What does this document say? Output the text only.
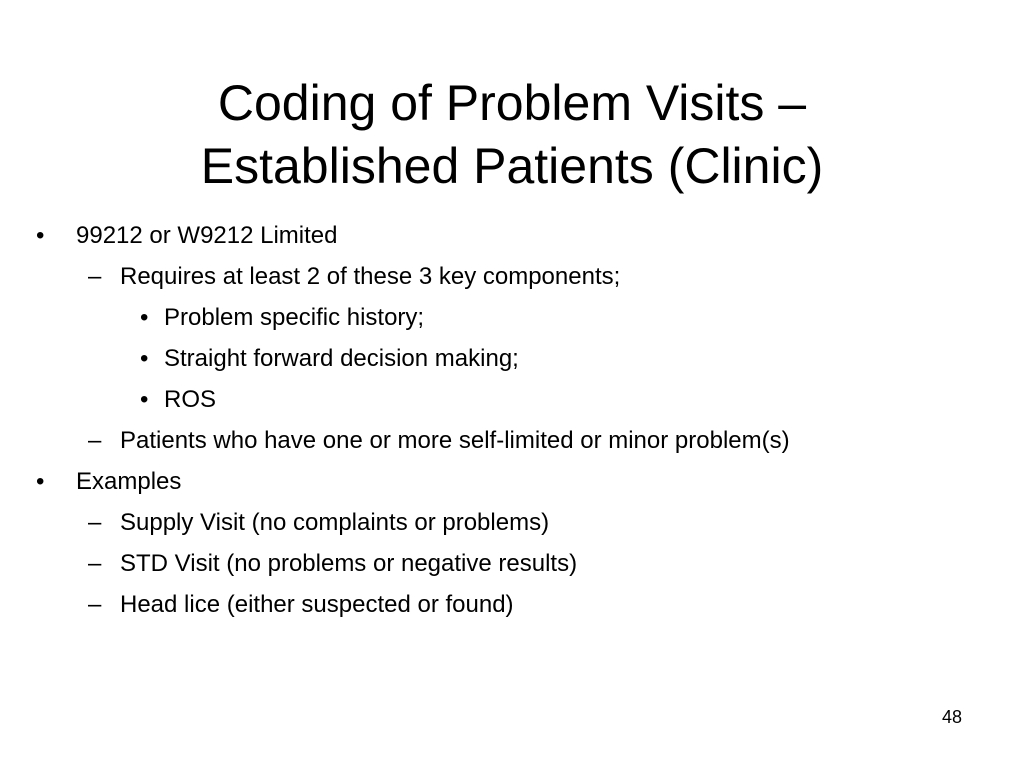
Coding of Problem Visits –
Established Patients (Clinic)
• 99212 or W9212 Limited
– Requires at least 2 of these 3 key components;
• Problem specific history;
• Straight forward decision making;
• ROS
– Patients who have one or more self-limited or minor problem(s)
• Examples
– Supply Visit (no complaints or problems)
– STD Visit (no problems or negative results)
– Head lice (either suspected or found)
48
